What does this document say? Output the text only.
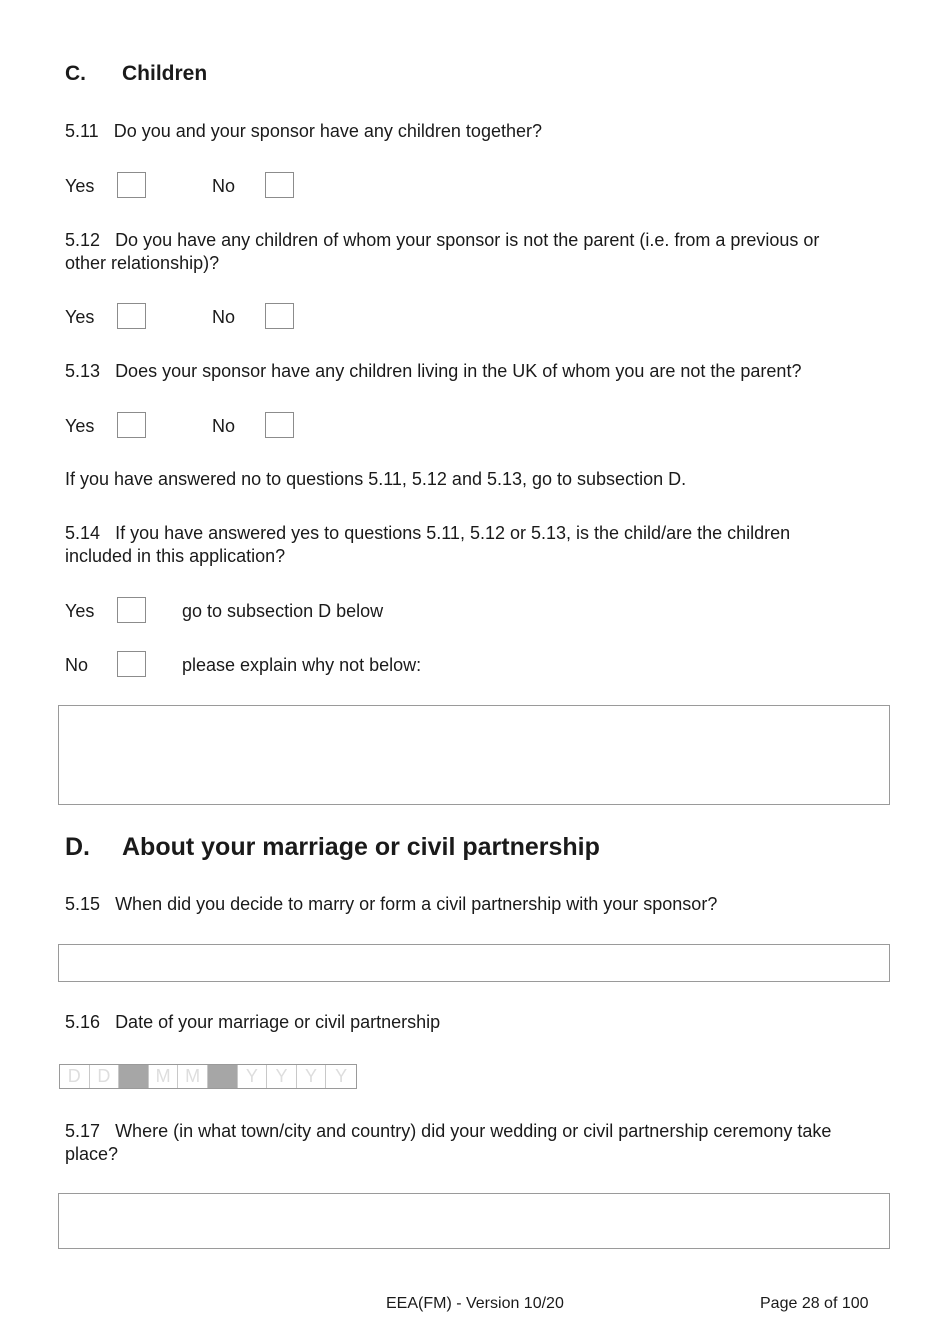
C. Children
5.11 Do you and your sponsor have any children together?
Yes	No
5.12 Do you have any children of whom your sponsor is not the parent (i.e. from a previous or
other relationship)?
Yes	No
5.13 Does your sponsor have any children living in the UK of whom you are not the parent?
Yes	No
If you have answered no to questions 5.11, 5.12 and 5.13, go to subsection D.
5.14 If you have answered yes to questions 5.11, 5.12 or 5.13, is the child/are the children
included in this application?
Yes	go to subsection D below
No	please explain why not below:
D. About your marriage or civil partnership
5.15 When did you decide to marry or form a civil partnership with your sponsor?
5.16 Date of your marriage or civil partnership
D D	M M	Y Y Y	Y
5.17 Where (in what town/city and country) did your wedding or civil partnership ceremony take
place?
EEA(FM) - Version 10/20	Page 28 of 100
